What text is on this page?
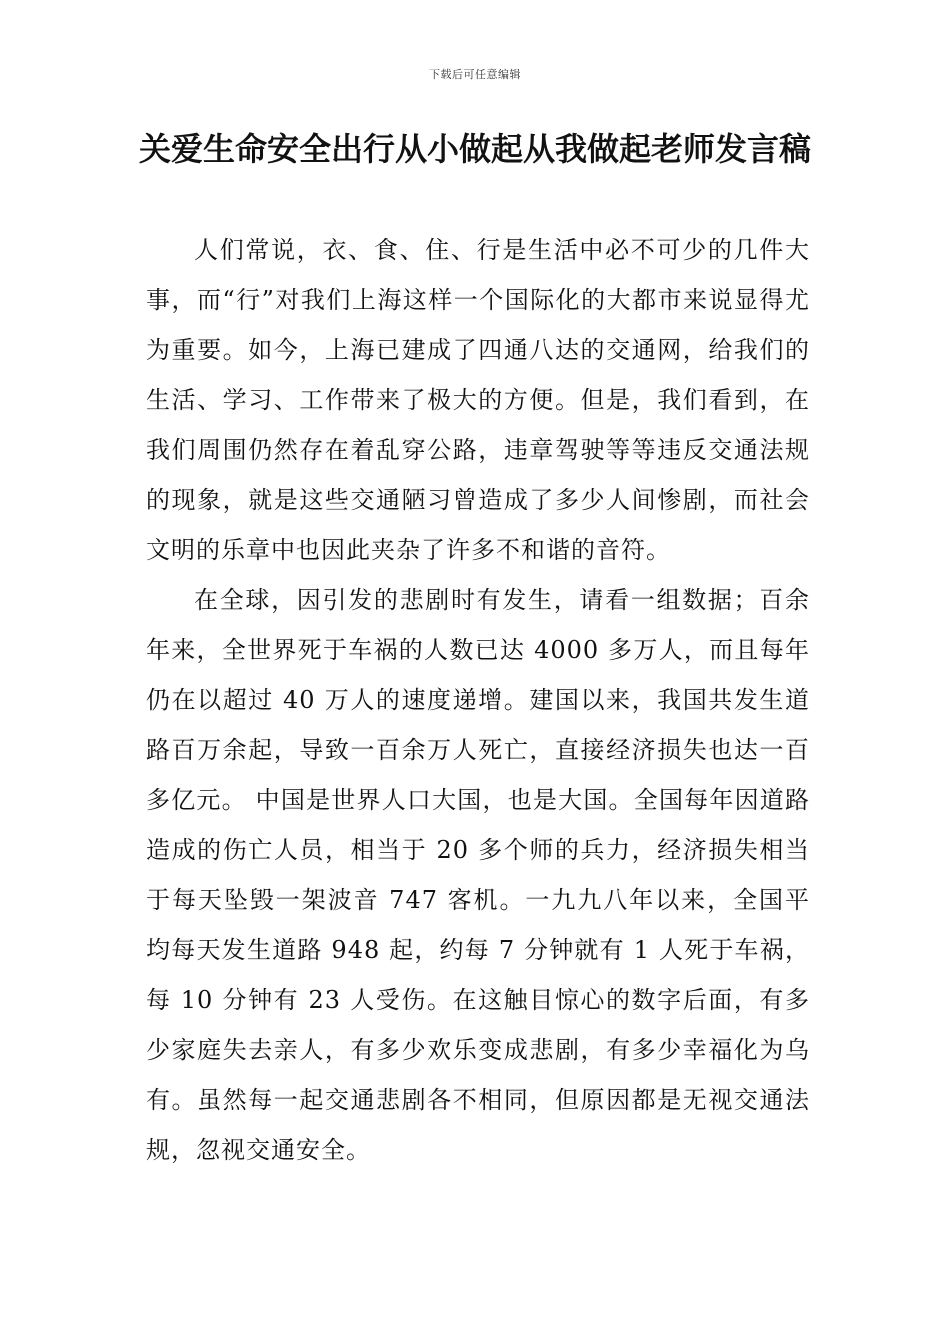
下载后可任意编辑
关爱生命安全出行从小做起从我做起老师发言稿

人们常说，衣、食、住、行是生活中必不可少的几件大事，而“行”对我们上海这样一个国际化的大都市来说显得尤为重要。如今，上海已建成了四通八达的交通网，给我们的生活、学习、工作带来了极大的方便。但是，我们看到，在我们周围仍然存在着乱穿公路，违章驾驶等等违反交通法规的现象，就是这些交通陋习曾造成了多少人间惨剧，而社会文明的乐章中也因此夹杂了许多不和谐的音符。

在全球，因引发的悲剧时有发生，请看一组数据；百余年来，全世界死于车祸的人数已达 4000 多万人，而且每年仍在以超过 40 万人的速度递增。建国以来，我国共发生道路百万余起，导致一百余万人死亡，直接经济损失也达一百多亿元。 中国是世界人口大国，也是大国。全国每年因道路造成的伤亡人员，相当于 20 多个师的兵力，经济损失相当于每天坠毁一架波音 747 客机。一九九八年以来，全国平均每天发生道路 948 起，约每 7 分钟就有 1 人死于车祸，每 10 分钟有 23 人受伤。在这触目惊心的数字后面，有多少家庭失去亲人，有多少欢乐变成悲剧，有多少幸福化为乌有。虽然每一起交通悲剧各不相同，但原因都是无视交通法规，忽视交通安全。
